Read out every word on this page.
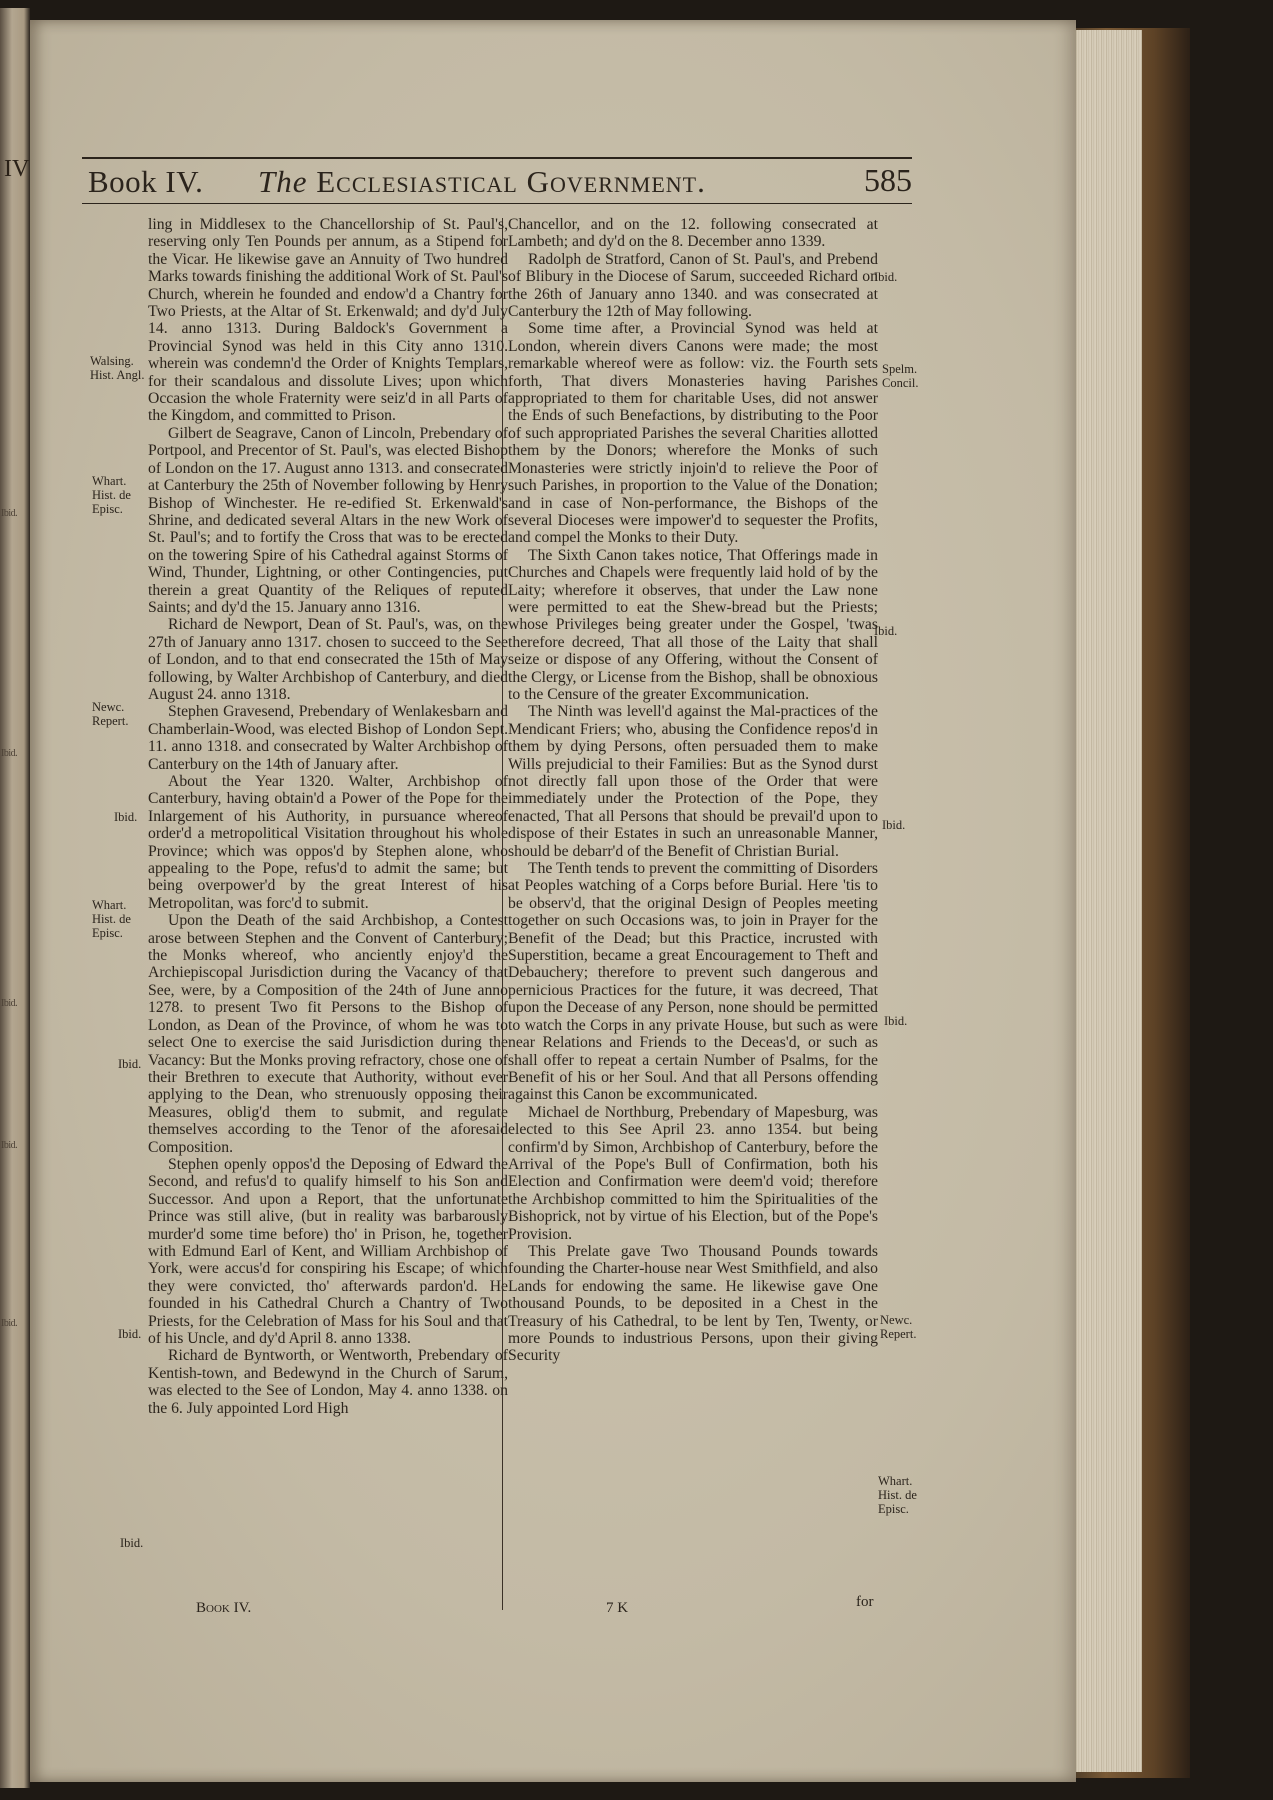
IV
Ibid.
Ibid.
Ibid.
Ibid.
Ibid.
Book IV. The Ecclesiastical Government.	585
Walsing. Hist. Angl.
Whart. Hist. de Episc.
Newc. Repert.
Ibid.
Whart. Hist. de Episc.
Ibid.
Ibid.
Ibid.
Ibid.
Spelm. Concil.
Ibid.
Ibid.
Ibid.
Newc. Repert.
Whart. Hist. de Episc.

ling in Middlesex to the Chancellorship of St. Paul's, reserving only Ten Pounds per annum, as a Stipend for the Vicar. He likewise gave an Annuity of Two hundred Marks towards finishing the additional Work of St. Paul's Church, wherein he founded and endow'd a Chantry for Two Priests, at the Altar of St. Erkenwald; and dy'd July 14. anno 1313. During Baldock's Government a Provincial Synod was held in this City anno 1310. wherein was condemn'd the Order of Knights Templars, for their scandalous and dissolute Lives; upon which Occasion the whole Fraternity were seiz'd in all Parts of the Kingdom, and committed to Prison.

Gilbert de Seagrave, Canon of Lincoln, Prebendary of Portpool, and Precentor of St. Paul's, was elected Bishop of London on the 17. August anno 1313. and consecrated at Canterbury the 25th of November following by Henry Bishop of Winchester. He re-edified St. Erkenwald's Shrine, and dedicated several Altars in the new Work of St. Paul's; and to fortify the Cross that was to be erected on the towering Spire of his Cathedral against Storms of Wind, Thunder, Lightning, or other Contingencies, put therein a great Quantity of the Reliques of reputed Saints; and dy'd the 15. January anno 1316.

Richard de Newport, Dean of St. Paul's, was, on the 27th of January anno 1317. chosen to succeed to the See of London, and to that end consecrated the 15th of May following, by Walter Archbishop of Canterbury, and died August 24. anno 1318.

Stephen Gravesend, Prebendary of Wenlakesbarn and Chamberlain-Wood, was elected Bishop of London Sept. 11. anno 1318. and consecrated by Walter Archbishop of Canterbury on the 14th of January after.

About the Year 1320. Walter, Archbishop of Canterbury, having obtain'd a Power of the Pope for the Inlargement of his Authority, in pursuance whereof order'd a metropolitical Visitation throughout his whole Province; which was oppos'd by Stephen alone, who appealing to the Pope, refus'd to admit the same; but being overpower'd by the great Interest of his Metropolitan, was forc'd to submit.

Upon the Death of the said Archbishop, a Contest arose between Stephen and the Convent of Canterbury; the Monks whereof, who anciently enjoy'd the Archiepiscopal Jurisdiction during the Vacancy of that See, were, by a Composition of the 24th of June anno 1278. to present Two fit Persons to the Bishop of London, as Dean of the Province, of whom he was to select One to exercise the said Jurisdiction during the Vacancy: But the Monks proving refractory, chose one of their Brethren to execute that Authority, without ever applying to the Dean, who strenuously opposing their Measures, oblig'd them to submit, and regulate themselves according to the Tenor of the aforesaid Composition.

Stephen openly oppos'd the Deposing of Edward the Second, and refus'd to qualify himself to his Son and Successor. And upon a Report, that the unfortunate Prince was still alive, (but in reality was barbarously murder'd some time before) tho' in Prison, he, together with Edmund Earl of Kent, and William Archbishop of York, were accus'd for conspiring his Escape; of which they were convicted, tho' afterwards pardon'd. He founded in his Cathedral Church a Chantry of Two Priests, for the Celebration of Mass for his Soul and that of his Uncle, and dy'd April 8. anno 1338.

Richard de Byntworth, or Wentworth, Prebendary of Kentish-town, and Bedewynd in the Church of Sarum, was elected to the See of London, May 4. anno 1338. on the 6. July appointed Lord High

Chancellor, and on the 12. following consecrated at Lambeth; and dy'd on the 8. December anno 1339.

Radolph de Stratford, Canon of St. Paul's, and Prebend of Blibury in the Diocese of Sarum, succeeded Richard on the 26th of January anno 1340. and was consecrated at Canterbury the 12th of May following.

Some time after, a Provincial Synod was held at London, wherein divers Canons were made; the most remarkable whereof were as follow: viz. the Fourth sets forth, That divers Monasteries having Parishes appropriated to them for charitable Uses, did not answer the Ends of such Benefactions, by distributing to the Poor of such appropriated Parishes the several Charities allotted them by the Donors; wherefore the Monks of such Monasteries were strictly injoin'd to relieve the Poor of such Parishes, in proportion to the Value of the Donation; and in case of Non-performance, the Bishops of the several Dioceses were impower'd to sequester the Profits, and compel the Monks to their Duty.

The Sixth Canon takes notice, That Offerings made in Churches and Chapels were frequently laid hold of by the Laity; wherefore it observes, that under the Law none were permitted to eat the Shew-bread but the Priests; whose Privileges being greater under the Gospel, 'twas therefore decreed, That all those of the Laity that shall seize or dispose of any Offering, without the Consent of the Clergy, or License from the Bishop, shall be obnoxious to the Censure of the greater Excommunication.

The Ninth was levell'd against the Mal-practices of the Mendicant Friers; who, abusing the Confidence repos'd in them by dying Persons, often persuaded them to make Wills prejudicial to their Families: But as the Synod durst not directly fall upon those of the Order that were immediately under the Protection of the Pope, they enacted, That all Persons that should be prevail'd upon to dispose of their Estates in such an unreasonable Manner, should be debarr'd of the Benefit of Christian Burial.

The Tenth tends to prevent the committing of Disorders at Peoples watching of a Corps before Burial. Here 'tis to be observ'd, that the original Design of Peoples meeting together on such Occasions was, to join in Prayer for the Benefit of the Dead; but this Practice, incrusted with Superstition, became a great Encouragement to Theft and Debauchery; therefore to prevent such dangerous and pernicious Practices for the future, it was decreed, That upon the Decease of any Person, none should be permitted to watch the Corps in any private House, but such as were near Relations and Friends to the Deceas'd, or such as shall offer to repeat a certain Number of Psalms, for the Benefit of his or her Soul. And that all Persons offending against this Canon be excommunicated.

Michael de Northburg, Prebendary of Mapesburg, was elected to this See April 23. anno 1354. but being confirm'd by Simon, Archbishop of Canterbury, before the Arrival of the Pope's Bull of Confirmation, both his Election and Confirmation were deem'd void; therefore the Archbishop committed to him the Spiritualities of the Bishoprick, not by virtue of his Election, but of the Pope's Provision.

This Prelate gave Two Thousand Pounds towards founding the Charter-house near West Smithfield, and also Lands for endowing the same. He likewise gave One thousand Pounds, to be deposited in a Chest in the Treasury of his Cathedral, to be lent by Ten, Twenty, or more Pounds to industrious Persons, upon their giving Security

Book IV.	7 K	for
